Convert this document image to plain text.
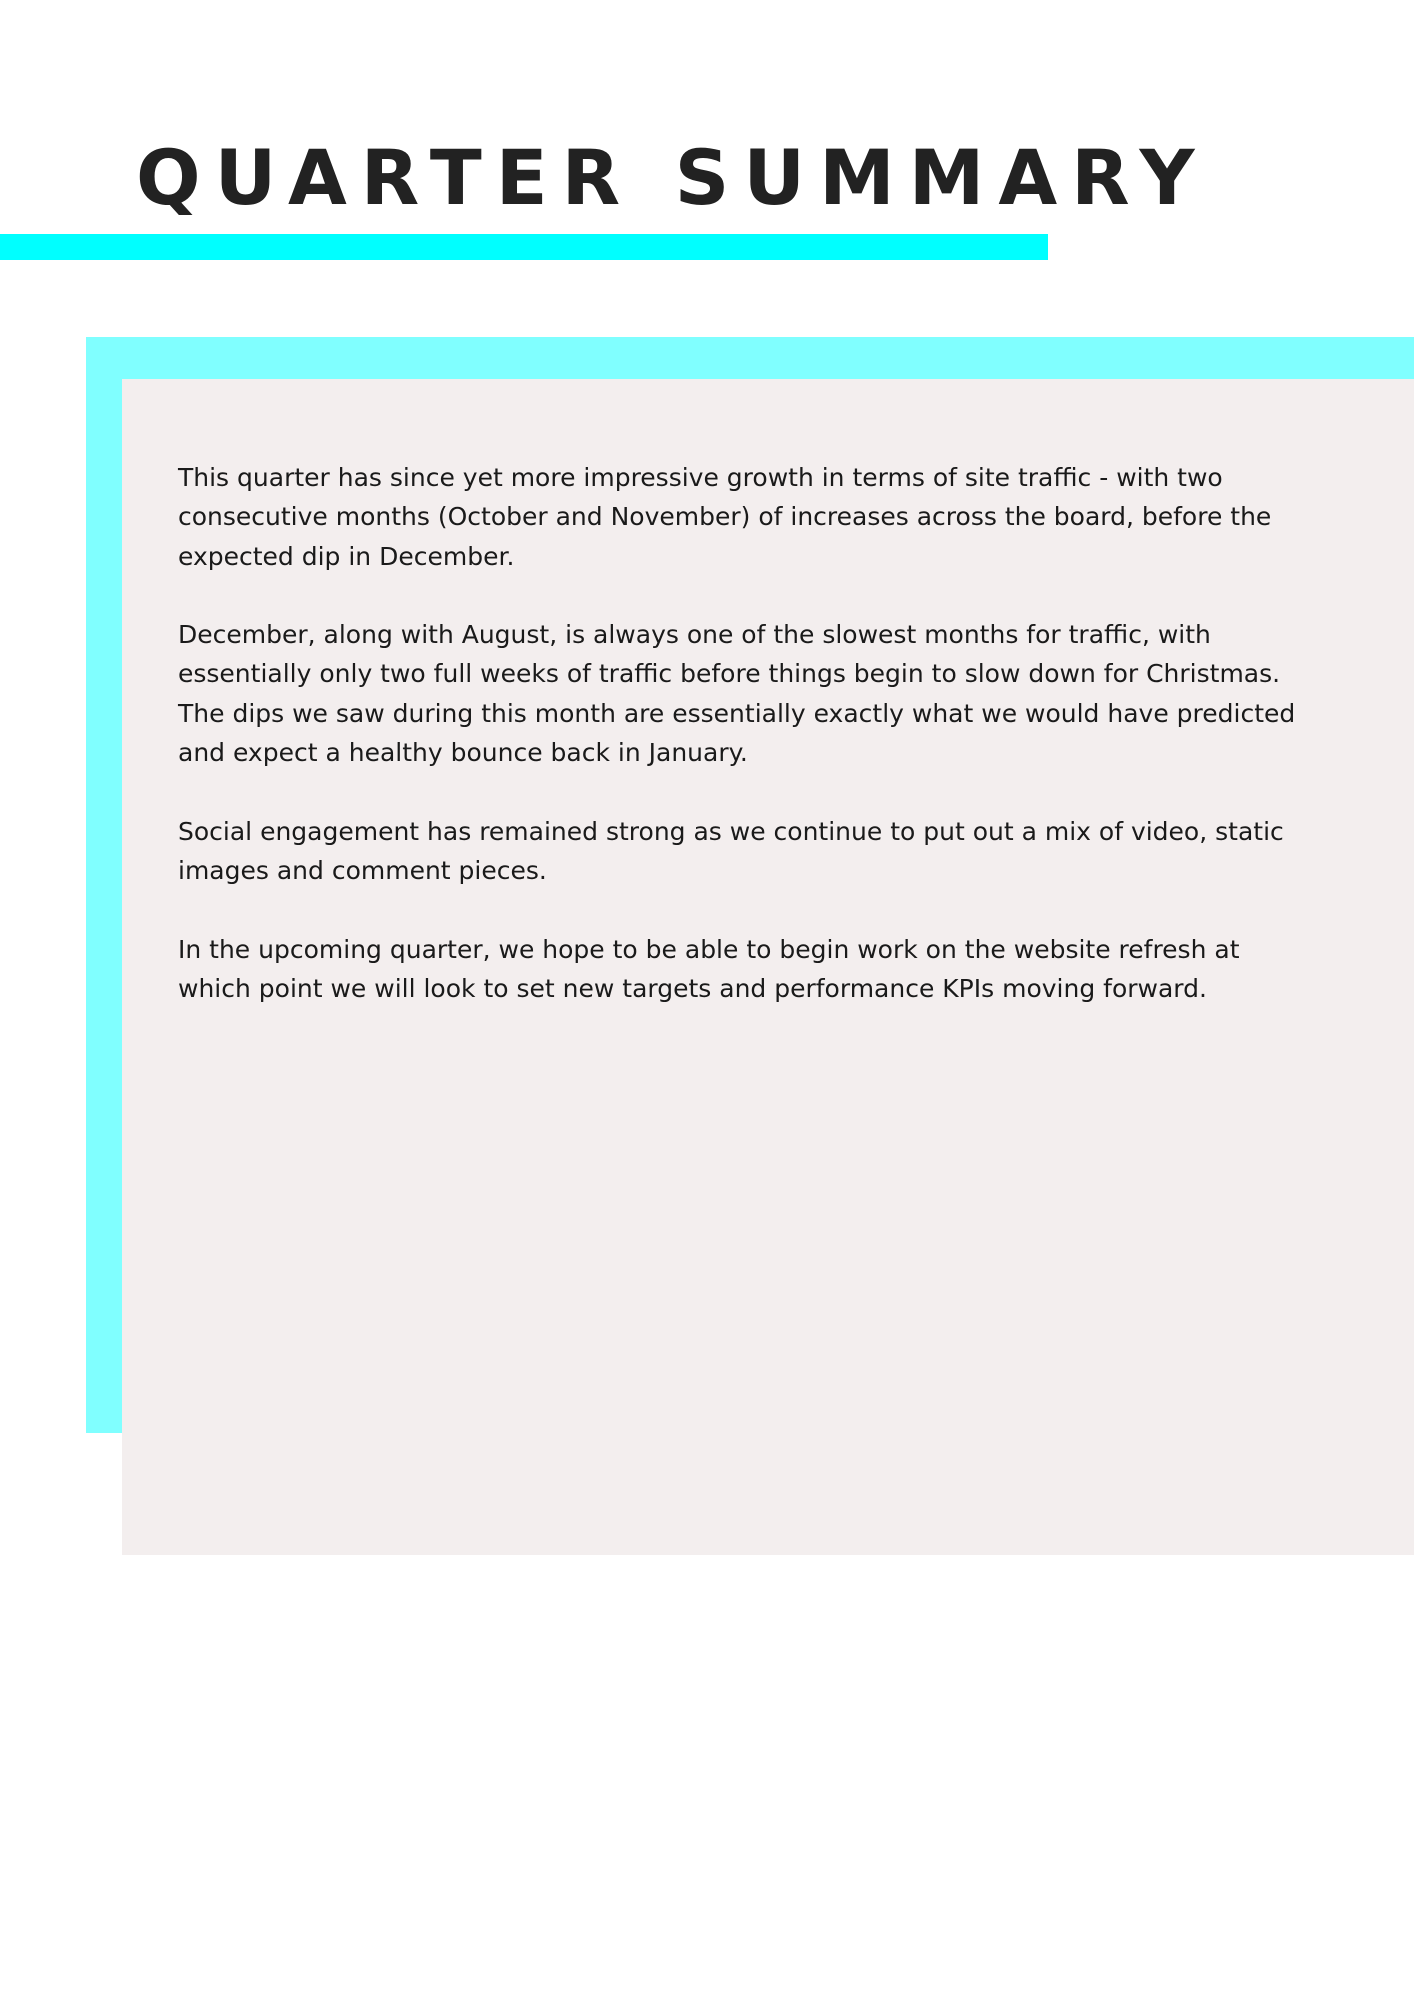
QUARTER SUMMARY

This quarter has since yet more impressive growth in terms of site traffic - with two consecutive months (October and November) of increases across the board, before the expected dip in December.

December, along with August, is always one of the slowest months for traffic, with essentially only two full weeks of traffic before things begin to slow down for Christmas. The dips we saw during this month are essentially exactly what we would have predicted and expect a healthy bounce back in January.

Social engagement has remained strong as we continue to put out a mix of video, static images and comment pieces.

In the upcoming quarter, we hope to be able to begin work on the website refresh at which point we will look to set new targets and performance KPIs moving forward.
